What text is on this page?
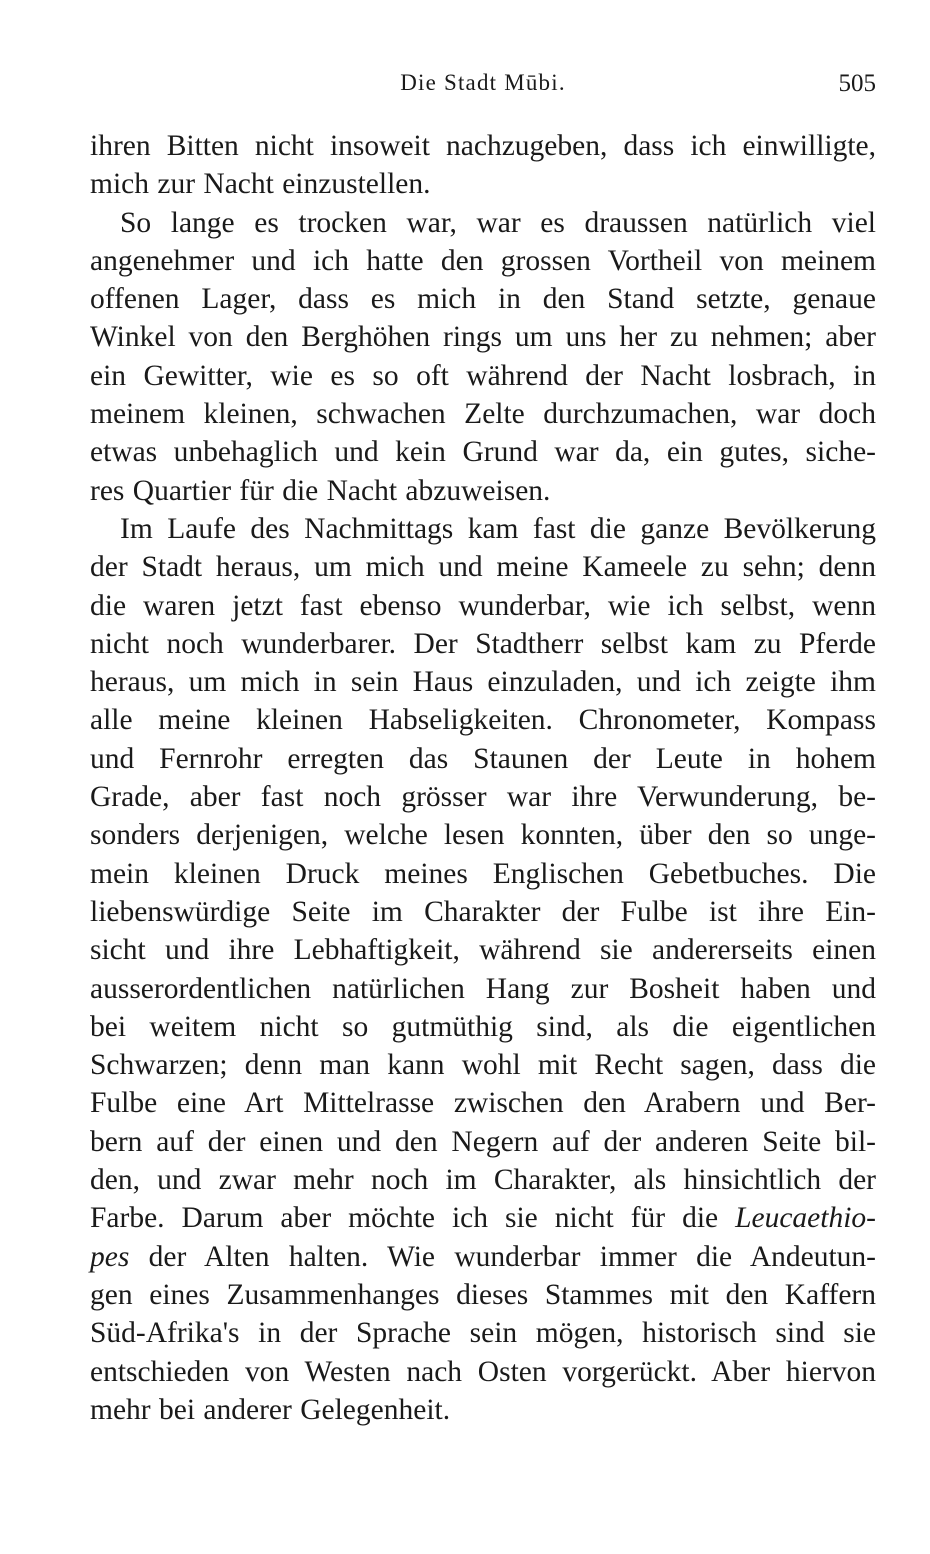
Die Stadt Mūbi.	505
ihren Bitten nicht insoweit nachzugeben, dass ich einwilligte,
mich zur Nacht einzustellen.
So lange es trocken war, war es draussen natürlich viel
angenehmer und ich hatte den grossen Vortheil von meinem
offenen Lager, dass es mich in den Stand setzte, genaue
Winkel von den Berghöhen rings um uns her zu nehmen; aber
ein Gewitter, wie es so oft während der Nacht losbrach, in
meinem kleinen, schwachen Zelte durchzumachen, war doch
etwas unbehaglich und kein Grund war da, ein gutes, siche-
res Quartier für die Nacht abzuweisen.
Im Laufe des Nachmittags kam fast die ganze Bevölkerung
der Stadt heraus, um mich und meine Kameele zu sehn; denn
die waren jetzt fast ebenso wunderbar, wie ich selbst, wenn
nicht noch wunderbarer. Der Stadtherr selbst kam zu Pferde
heraus, um mich in sein Haus einzuladen, und ich zeigte ihm
alle meine kleinen Habseligkeiten. Chronometer, Kompass
und Fernrohr erregten das Staunen der Leute in hohem
Grade, aber fast noch grösser war ihre Verwunderung, be-
sonders derjenigen, welche lesen konnten, über den so unge-
mein kleinen Druck meines Englischen Gebetbuches. Die
liebenswürdige Seite im Charakter der Fulbe ist ihre Ein-
sicht und ihre Lebhaftigkeit, während sie andererseits einen
ausserordentlichen natürlichen Hang zur Bosheit haben und
bei weitem nicht so gutmüthig sind, als die eigentlichen
Schwarzen; denn man kann wohl mit Recht sagen, dass die
Fulbe eine Art Mittelrasse zwischen den Arabern und Ber-
bern auf der einen und den Negern auf der anderen Seite bil-
den, und zwar mehr noch im Charakter, als hinsichtlich der
Farbe. Darum aber möchte ich sie nicht für die Leucaethio-
pes der Alten halten. Wie wunderbar immer die Andeutun-
gen eines Zusammenhanges dieses Stammes mit den Kaffern
Süd-Afrika's in der Sprache sein mögen, historisch sind sie
entschieden von Westen nach Osten vorgerückt. Aber hiervon
mehr bei anderer Gelegenheit.
